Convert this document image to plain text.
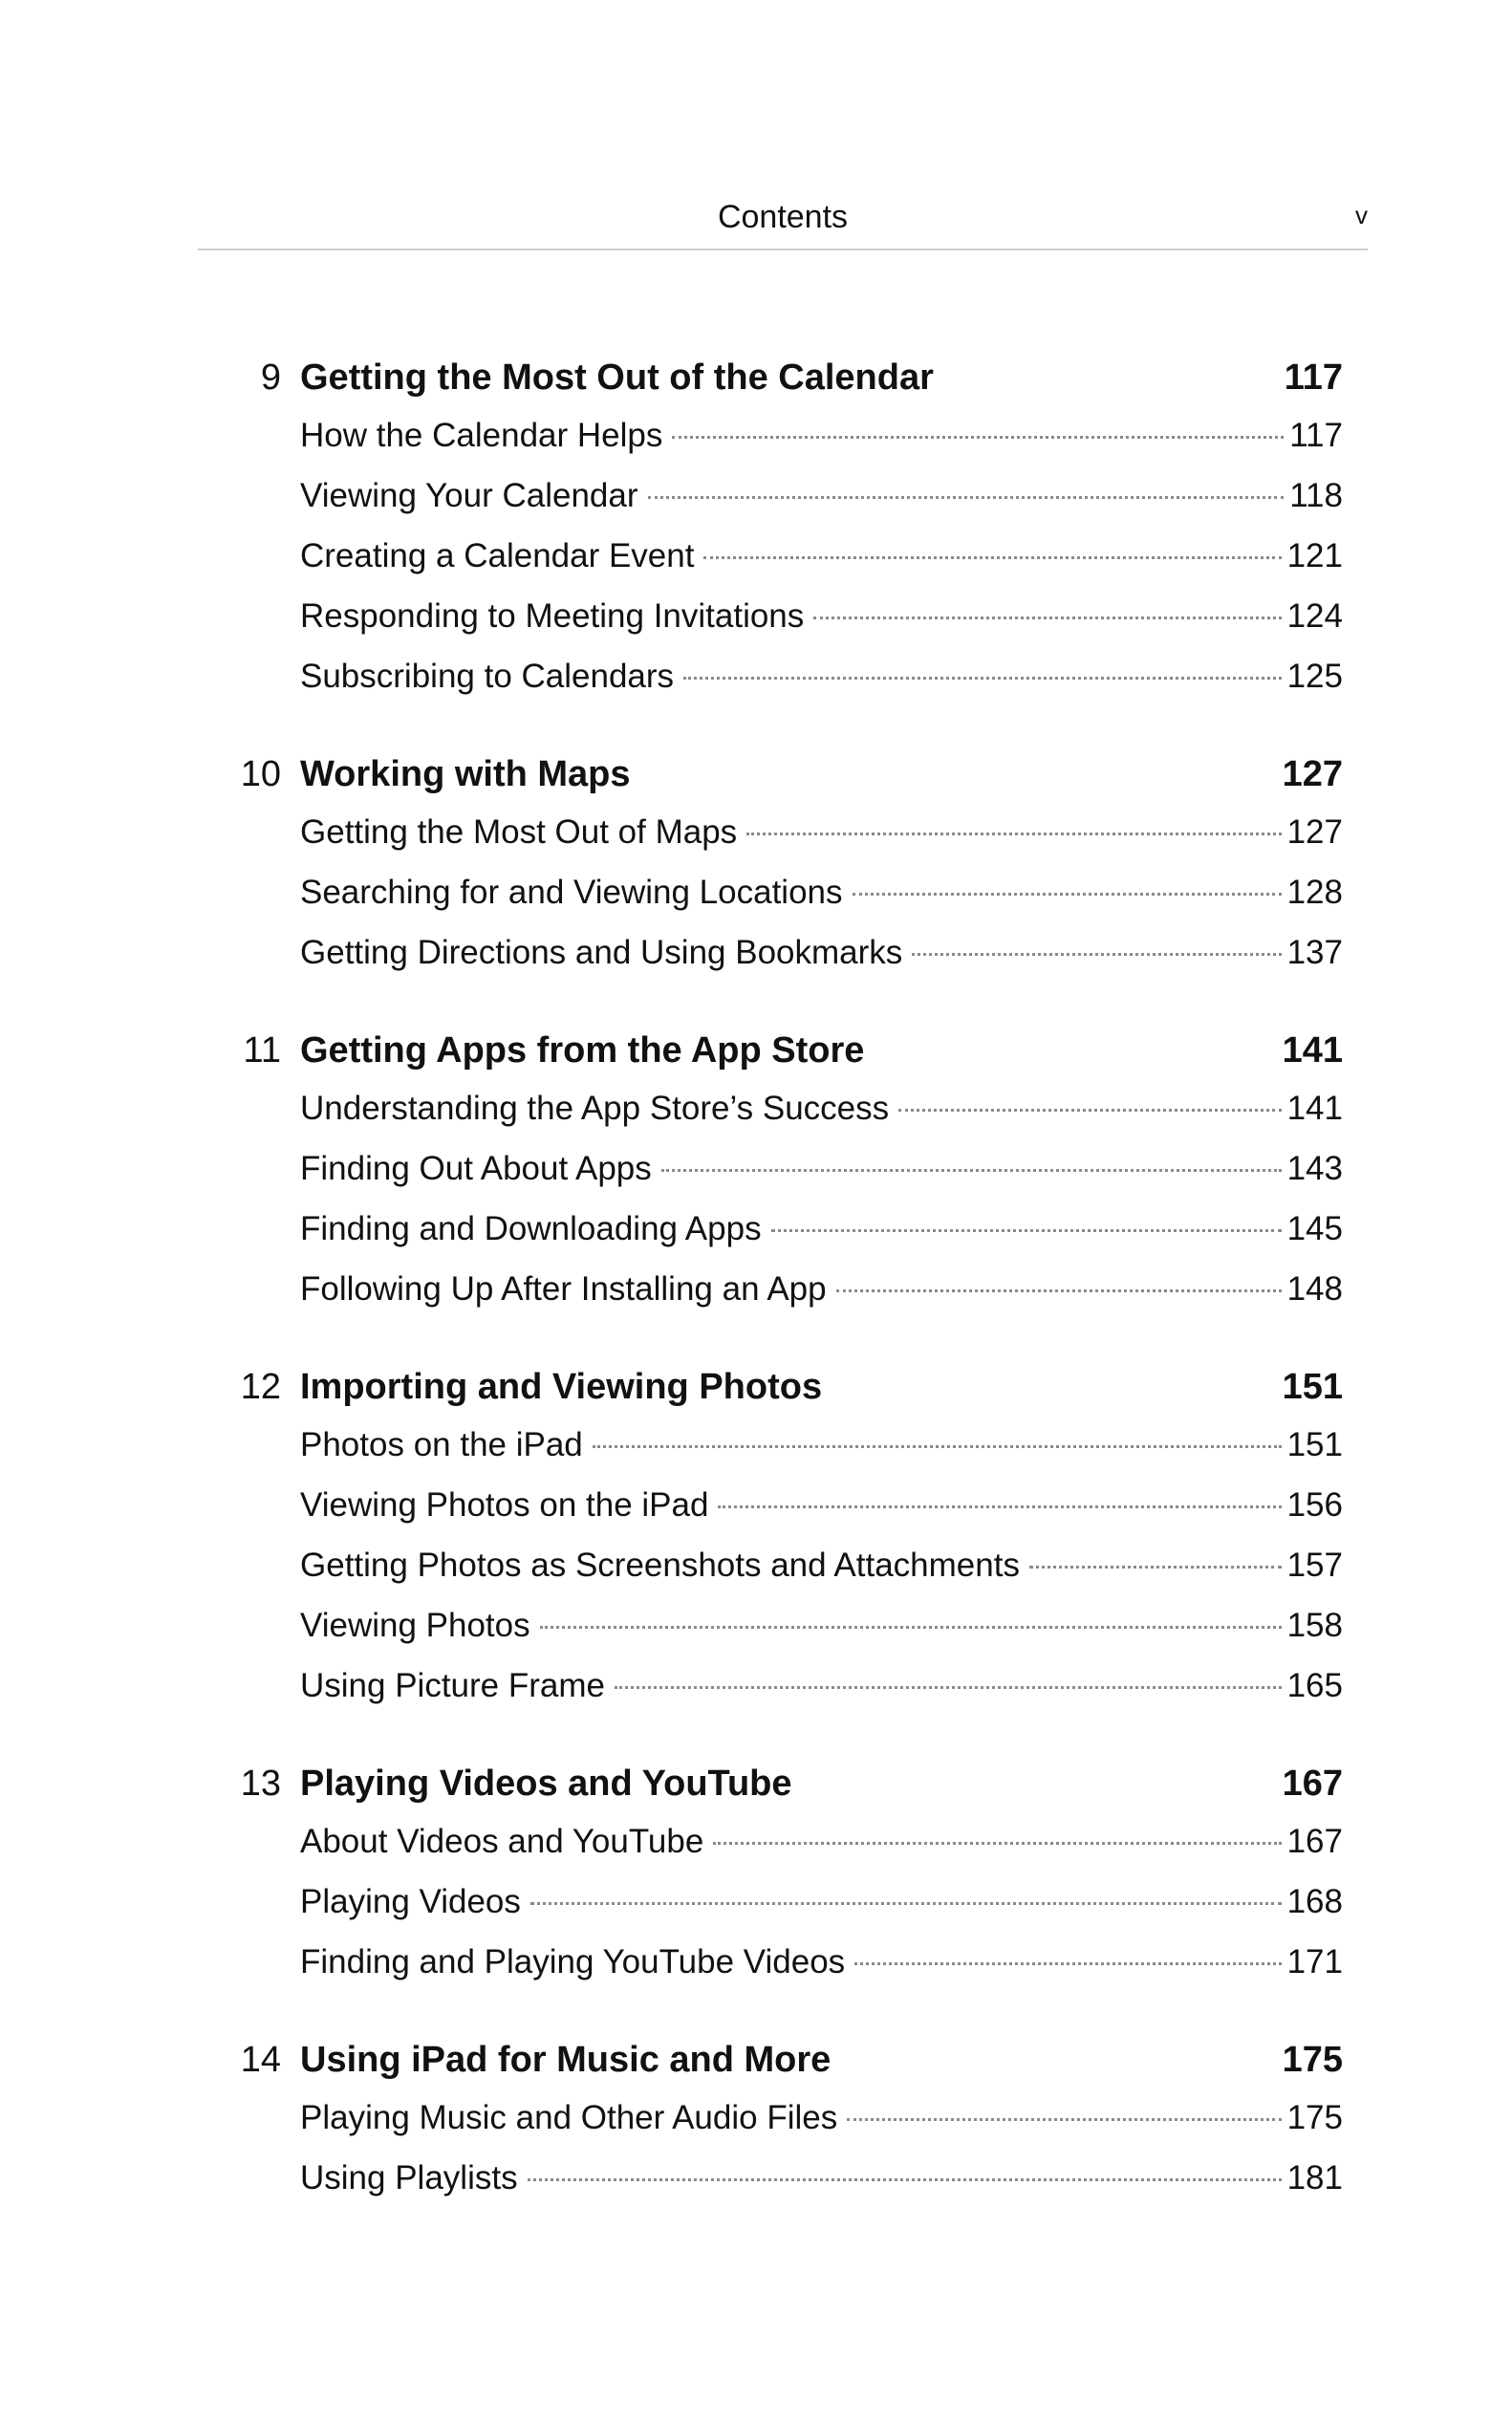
Contents	v
9 Getting the Most Out of the Calendar	117
How the Calendar Helps	117
Viewing Your Calendar	118
Creating a Calendar Event	121
Responding to Meeting Invitations	124
Subscribing to Calendars	125
10 Working with Maps	127
Getting the Most Out of Maps	127
Searching for and Viewing Locations	128
Getting Directions and Using Bookmarks	137
11 Getting Apps from the App Store	141
Understanding the App Store’s Success	141
Finding Out About Apps	143
Finding and Downloading Apps	145
Following Up After Installing an App	148
12 Importing and Viewing Photos	151
Photos on the iPad	151
Viewing Photos on the iPad	156
Getting Photos as Screenshots and Attachments	157
Viewing Photos	158
Using Picture Frame	165
13 Playing Videos and YouTube	167
About Videos and YouTube	167
Playing Videos	168
Finding and Playing YouTube Videos	171
14 Using iPad for Music and More	175
Playing Music and Other Audio Files	175
Using Playlists	181
